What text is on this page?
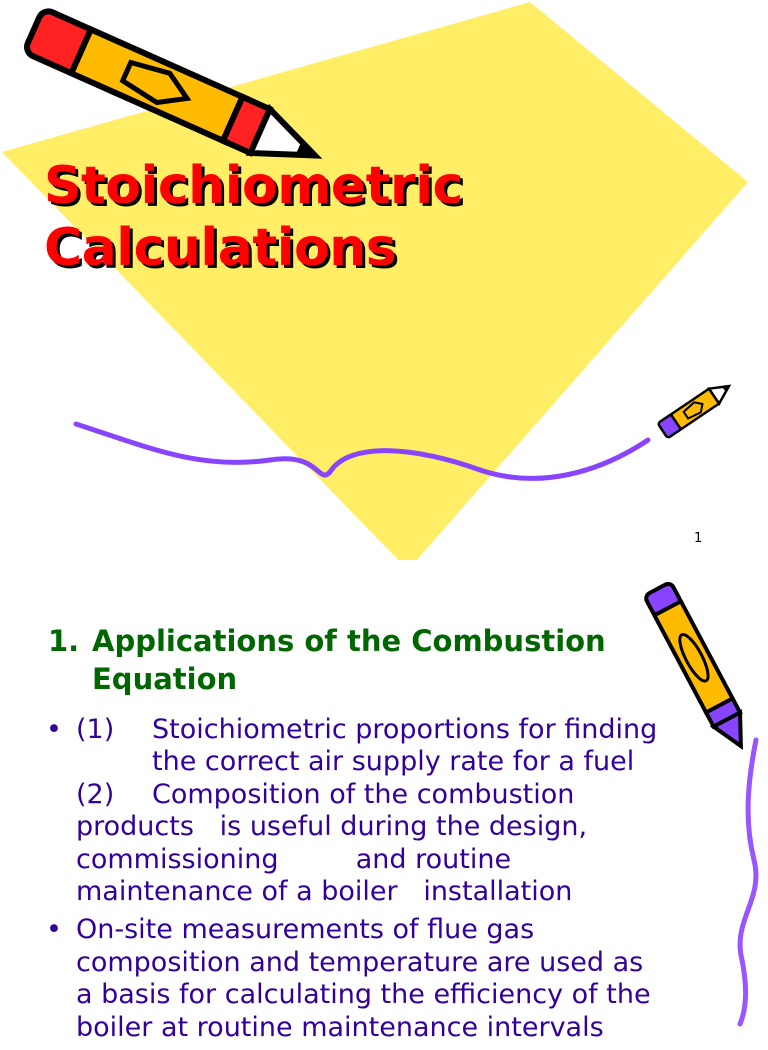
Stoichiometric
Calculations
1
1. Applications of the Combustion
Equation
• (1)	Stoichiometric proportions for finding
the correct air supply rate for a fuel
(2)	Composition of the combustion
products   is useful during the design,
commissioning         and routine
maintenance of a boiler   installation
• On-site measurements of flue gas
composition and temperature are used as
a basis for calculating the efficiency of the
boiler at routine maintenance intervals
